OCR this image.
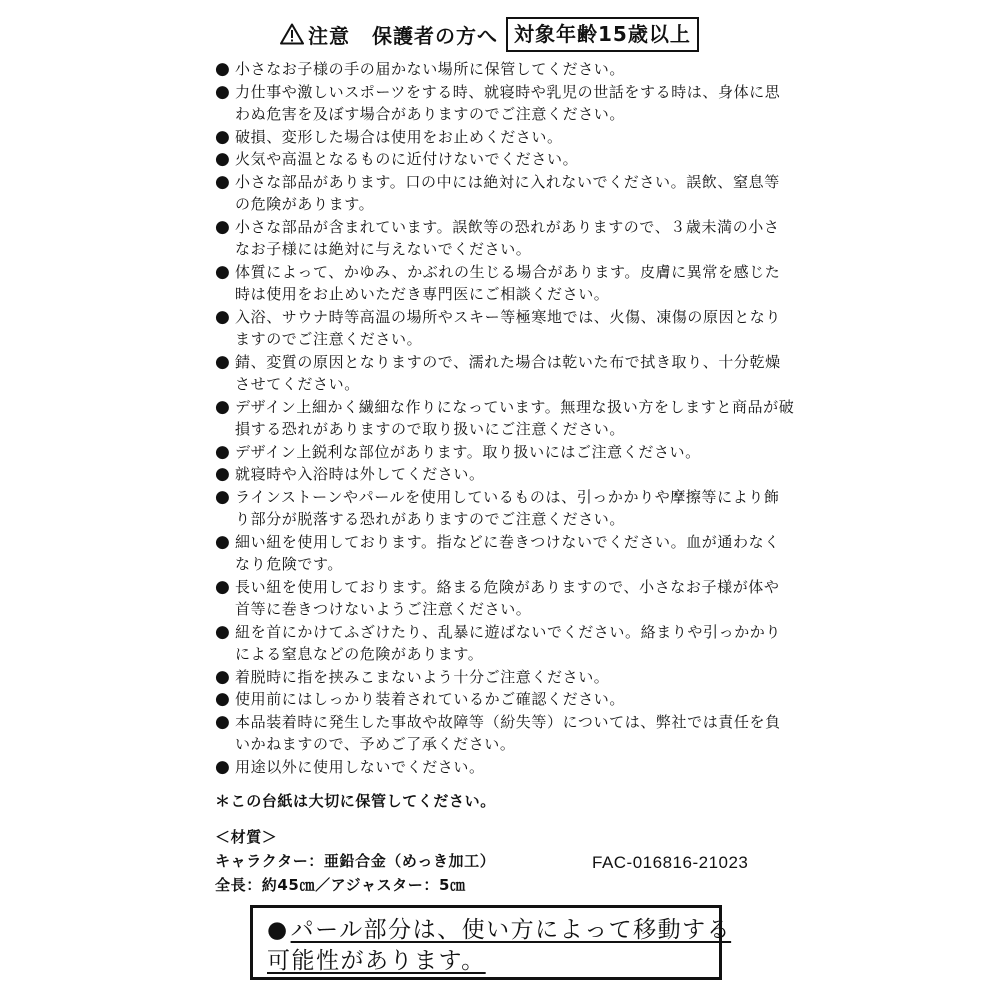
注意 保護者の方へ 対象年齢15歳以上
● 小さなお子様の手の届かない場所に保管してください。
● 力仕事や激しいスポーツをする時、就寝時や乳児の世話をする時は、身体に思わぬ危害を及ぼす場合がありますのでご注意ください。
● 破損、変形した場合は使用をお止めください。
● 火気や高温となるものに近付けないでください。
● 小さな部品があります。口の中には絶対に入れないでください。誤飲、窒息等の危険があります。
● 小さな部品が含まれています。誤飲等の恐れがありますので、３歳未満の小さなお子様には絶対に与えないでください。
● 体質によって、かゆみ、かぶれの生じる場合があります。皮膚に異常を感じた時は使用をお止めいただき専門医にご相談ください。
● 入浴、サウナ時等高温の場所やスキー等極寒地では、火傷、凍傷の原因となりますのでご注意ください。
● 錆、変質の原因となりますので、濡れた場合は乾いた布で拭き取り、十分乾燥させてください。
● デザイン上細かく繊細な作りになっています。無理な扱い方をしますと商品が破損する恐れがありますので取り扱いにご注意ください。
● デザイン上鋭利な部位があります。取り扱いにはご注意ください。
● 就寝時や入浴時は外してください。
● ラインストーンやパールを使用しているものは、引っかかりや摩擦等により飾り部分が脱落する恐れがありますのでご注意ください。
● 細い紐を使用しております。指などに巻きつけないでください。血が通わなくなり危険です。
● 長い紐を使用しております。絡まる危険がありますので、小さなお子様が体や首等に巻きつけないようご注意ください。
● 紐を首にかけてふざけたり、乱暴に遊ばないでください。絡まりや引っかかりによる窒息などの危険があります。
● 着脱時に指を挟みこまないよう十分ご注意ください。
● 使用前にはしっかり装着されているかご確認ください。
● 本品装着時に発生した事故や故障等（紛失等）については、弊社では責任を負いかねますので、予めご了承ください。
● 用途以外に使用しないでください。
＊この台紙は大切に保管してください。
＜材質＞
キャラクター：亜鉛合金（めっき加工）
全長：約45㎝／アジャスター：5㎝
FAC-016816-21023
●パール部分は、使い方によって移動する
可能性があります。
